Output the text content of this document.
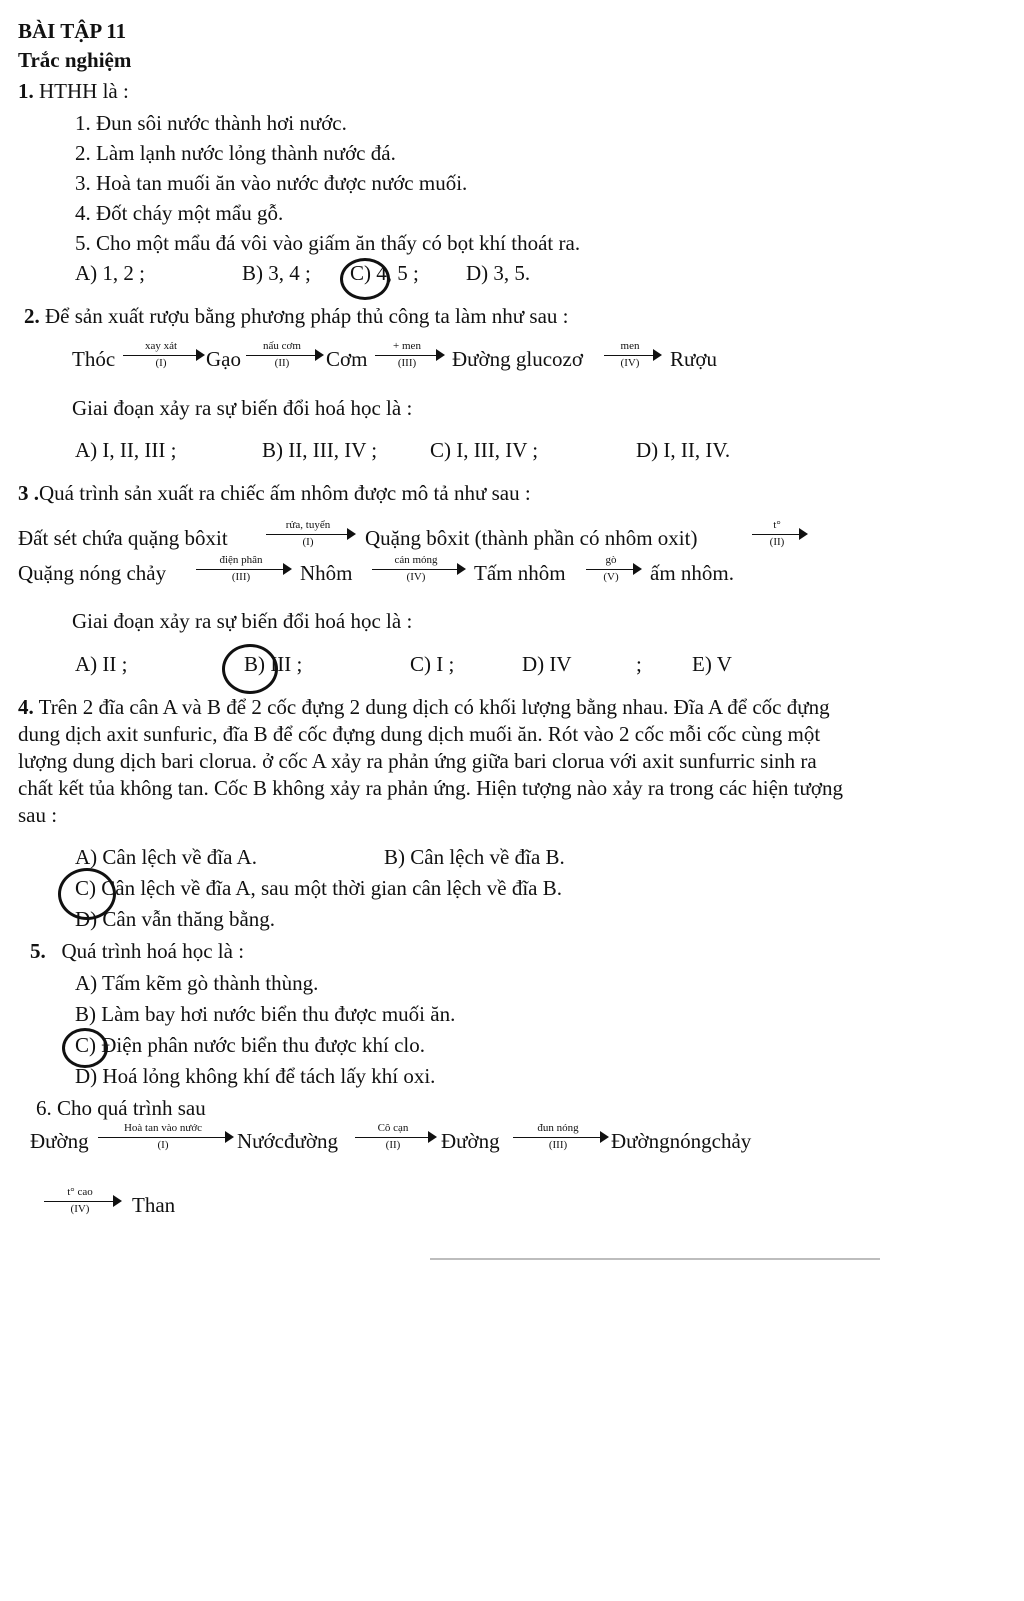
BÀI TẬP 11
Trắc nghiệm
1. HTHH là :
1. Đun sôi nước thành hơi nước.
2. Làm lạnh nước lỏng thành nước đá.
3. Hoà tan muối ăn vào nước được nước muối.
4. Đốt cháy một mẩu gỗ.
5. Cho một mẩu đá vôi vào giấm ăn thấy có bọt khí thoát ra.
A) 1, 2 ;	B) 3, 4 ; C) 4, 5 ; D) 3, 5.
2. Để sản xuất rượu bằng phương pháp thủ công ta làm như sau :
Thóc
xay xát
(I)	Gạo
nấu cơm
(II)	Cơm
+ men
(III)	Đường glucozơ
men
(IV)	Rượu
Giai đoạn xảy ra sự biến đổi hoá học là :
A) I, II, III ;	B) II, III, IV ;	C) I, III, IV ;	D) I, II, IV.
3 .Quá trình sản xuất ra chiếc ấm nhôm được mô tả như sau :
Đất sét chứa quặng bôxit
rửa, tuyển
(I)	Quặng bôxit (thành phần có nhôm oxit)
t°
(II)
Quặng nóng chảy
điện phân
(III)	Nhôm
cán mỏng
(IV)	Tấm nhôm
gò
(V)	ấm nhôm.
Giai đoạn xảy ra sự biến đổi hoá học là :
A) II ;	B) III ;	C) I ;	D) IV	; E) V
4. Trên 2 đĩa cân A và B để 2 cốc đựng 2 dung dịch có khối lượng bằng nhau. Đĩa A để cốc đựng dung dịch axit sunfuric, đĩa B để cốc đựng dung dịch muối ăn. Rót vào 2 cốc mỗi cốc cùng một lượng dung dịch bari clorua. ở cốc A xảy ra phản ứng giữa bari clorua với axit sunfurric sinh ra chất kết tủa không tan. Cốc B không xảy ra phản ứng. Hiện tượng nào xảy ra trong các hiện tượng sau :
A) Cân lệch về đĩa A.	B) Cân lệch về đĩa B.
C) Cân lệch về đĩa A, sau một thời gian cân lệch về đĩa B.
D) Cân vẫn thăng bằng.
5. Quá trình hoá học là :
A) Tấm kẽm gò thành thùng.
B) Làm bay hơi nước biển thu được muối ăn.
C) Điện phân nước biển thu được khí clo.
D) Hoá lỏng không khí để tách lấy khí oxi.
6. Cho quá trình sau
Đường
Hoà tan vào nước
(I)	Nướcđường
Cô cạn
(II)	Đường
đun nóng
(III)	Đườngnóngchảy
t° cao
(IV)	Than
